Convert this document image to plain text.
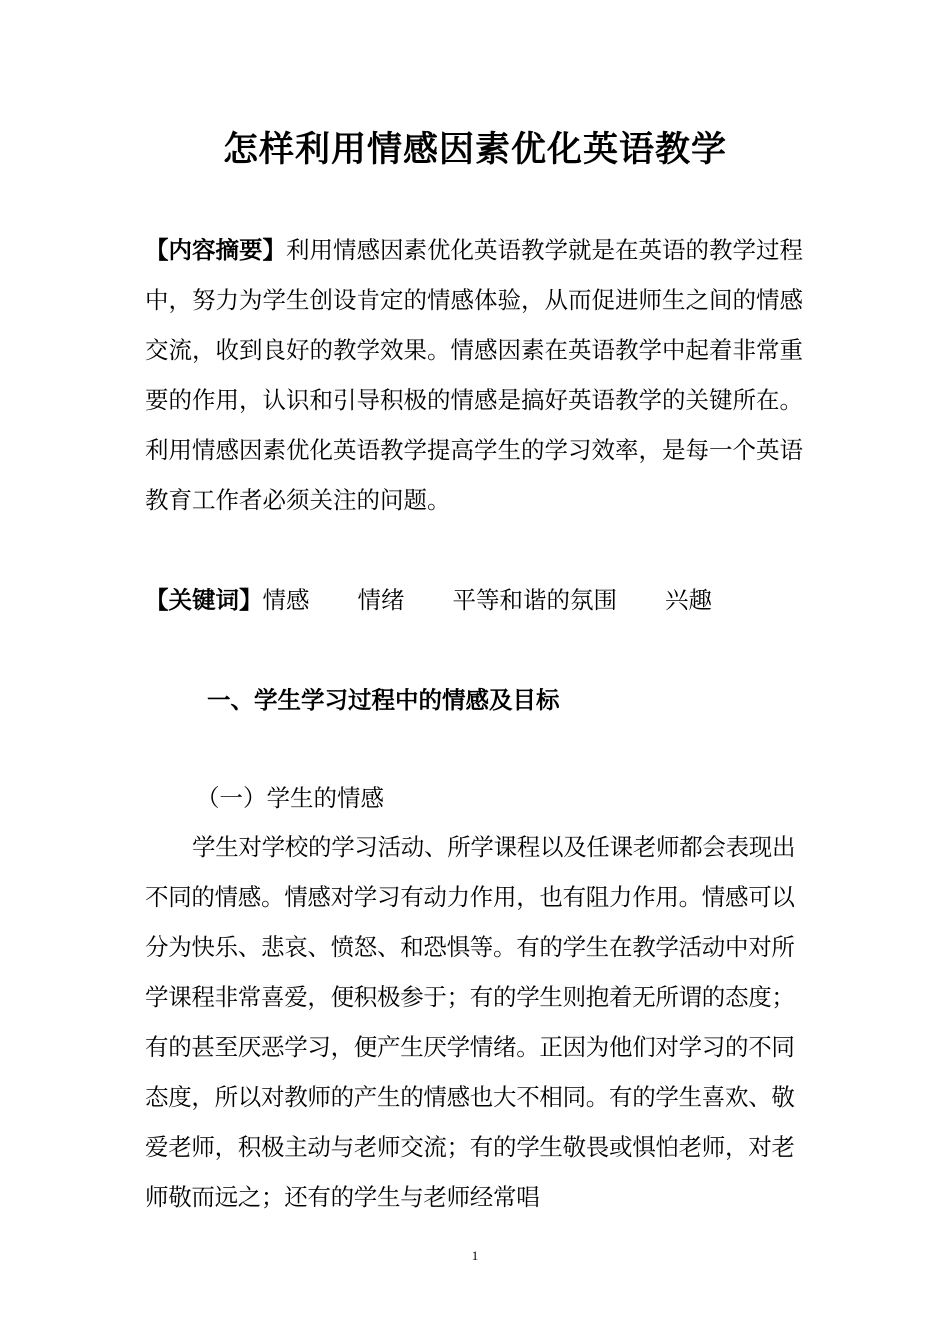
怎样利用情感因素优化英语教学
【内容摘要】利用情感因素优化英语教学就是在英语的教学过程中，努力为学生创设肯定的情感体验，从而促进师生之间的情感交流，收到良好的教学效果。情感因素在英语教学中起着非常重要的作用，认识和引导积极的情感是搞好英语教学的关键所在。利用情感因素优化英语教学提高学生的学习效率，是每一个英语教育工作者必须关注的问题。
【关键词】情感 情绪 平等和谐的氛围 兴趣
一、学生学习过程中的情感及目标
（一）学生的情感
学生对学校的学习活动、所学课程以及任课老师都会表现出不同的情感。情感对学习有动力作用，也有阻力作用。情感可以分为快乐、悲哀、愤怒、和恐惧等。有的学生在教学活动中对所学课程非常喜爱，便积极参于；有的学生则抱着无所谓的态度；有的甚至厌恶学习，便产生厌学情绪。正因为他们对学习的不同态度，所以对教师的产生的情感也大不相同。有的学生喜欢、敬爱老师，积极主动与老师交流；有的学生敬畏或惧怕老师，对老师敬而远之；还有的学生与老师经常唱
1
